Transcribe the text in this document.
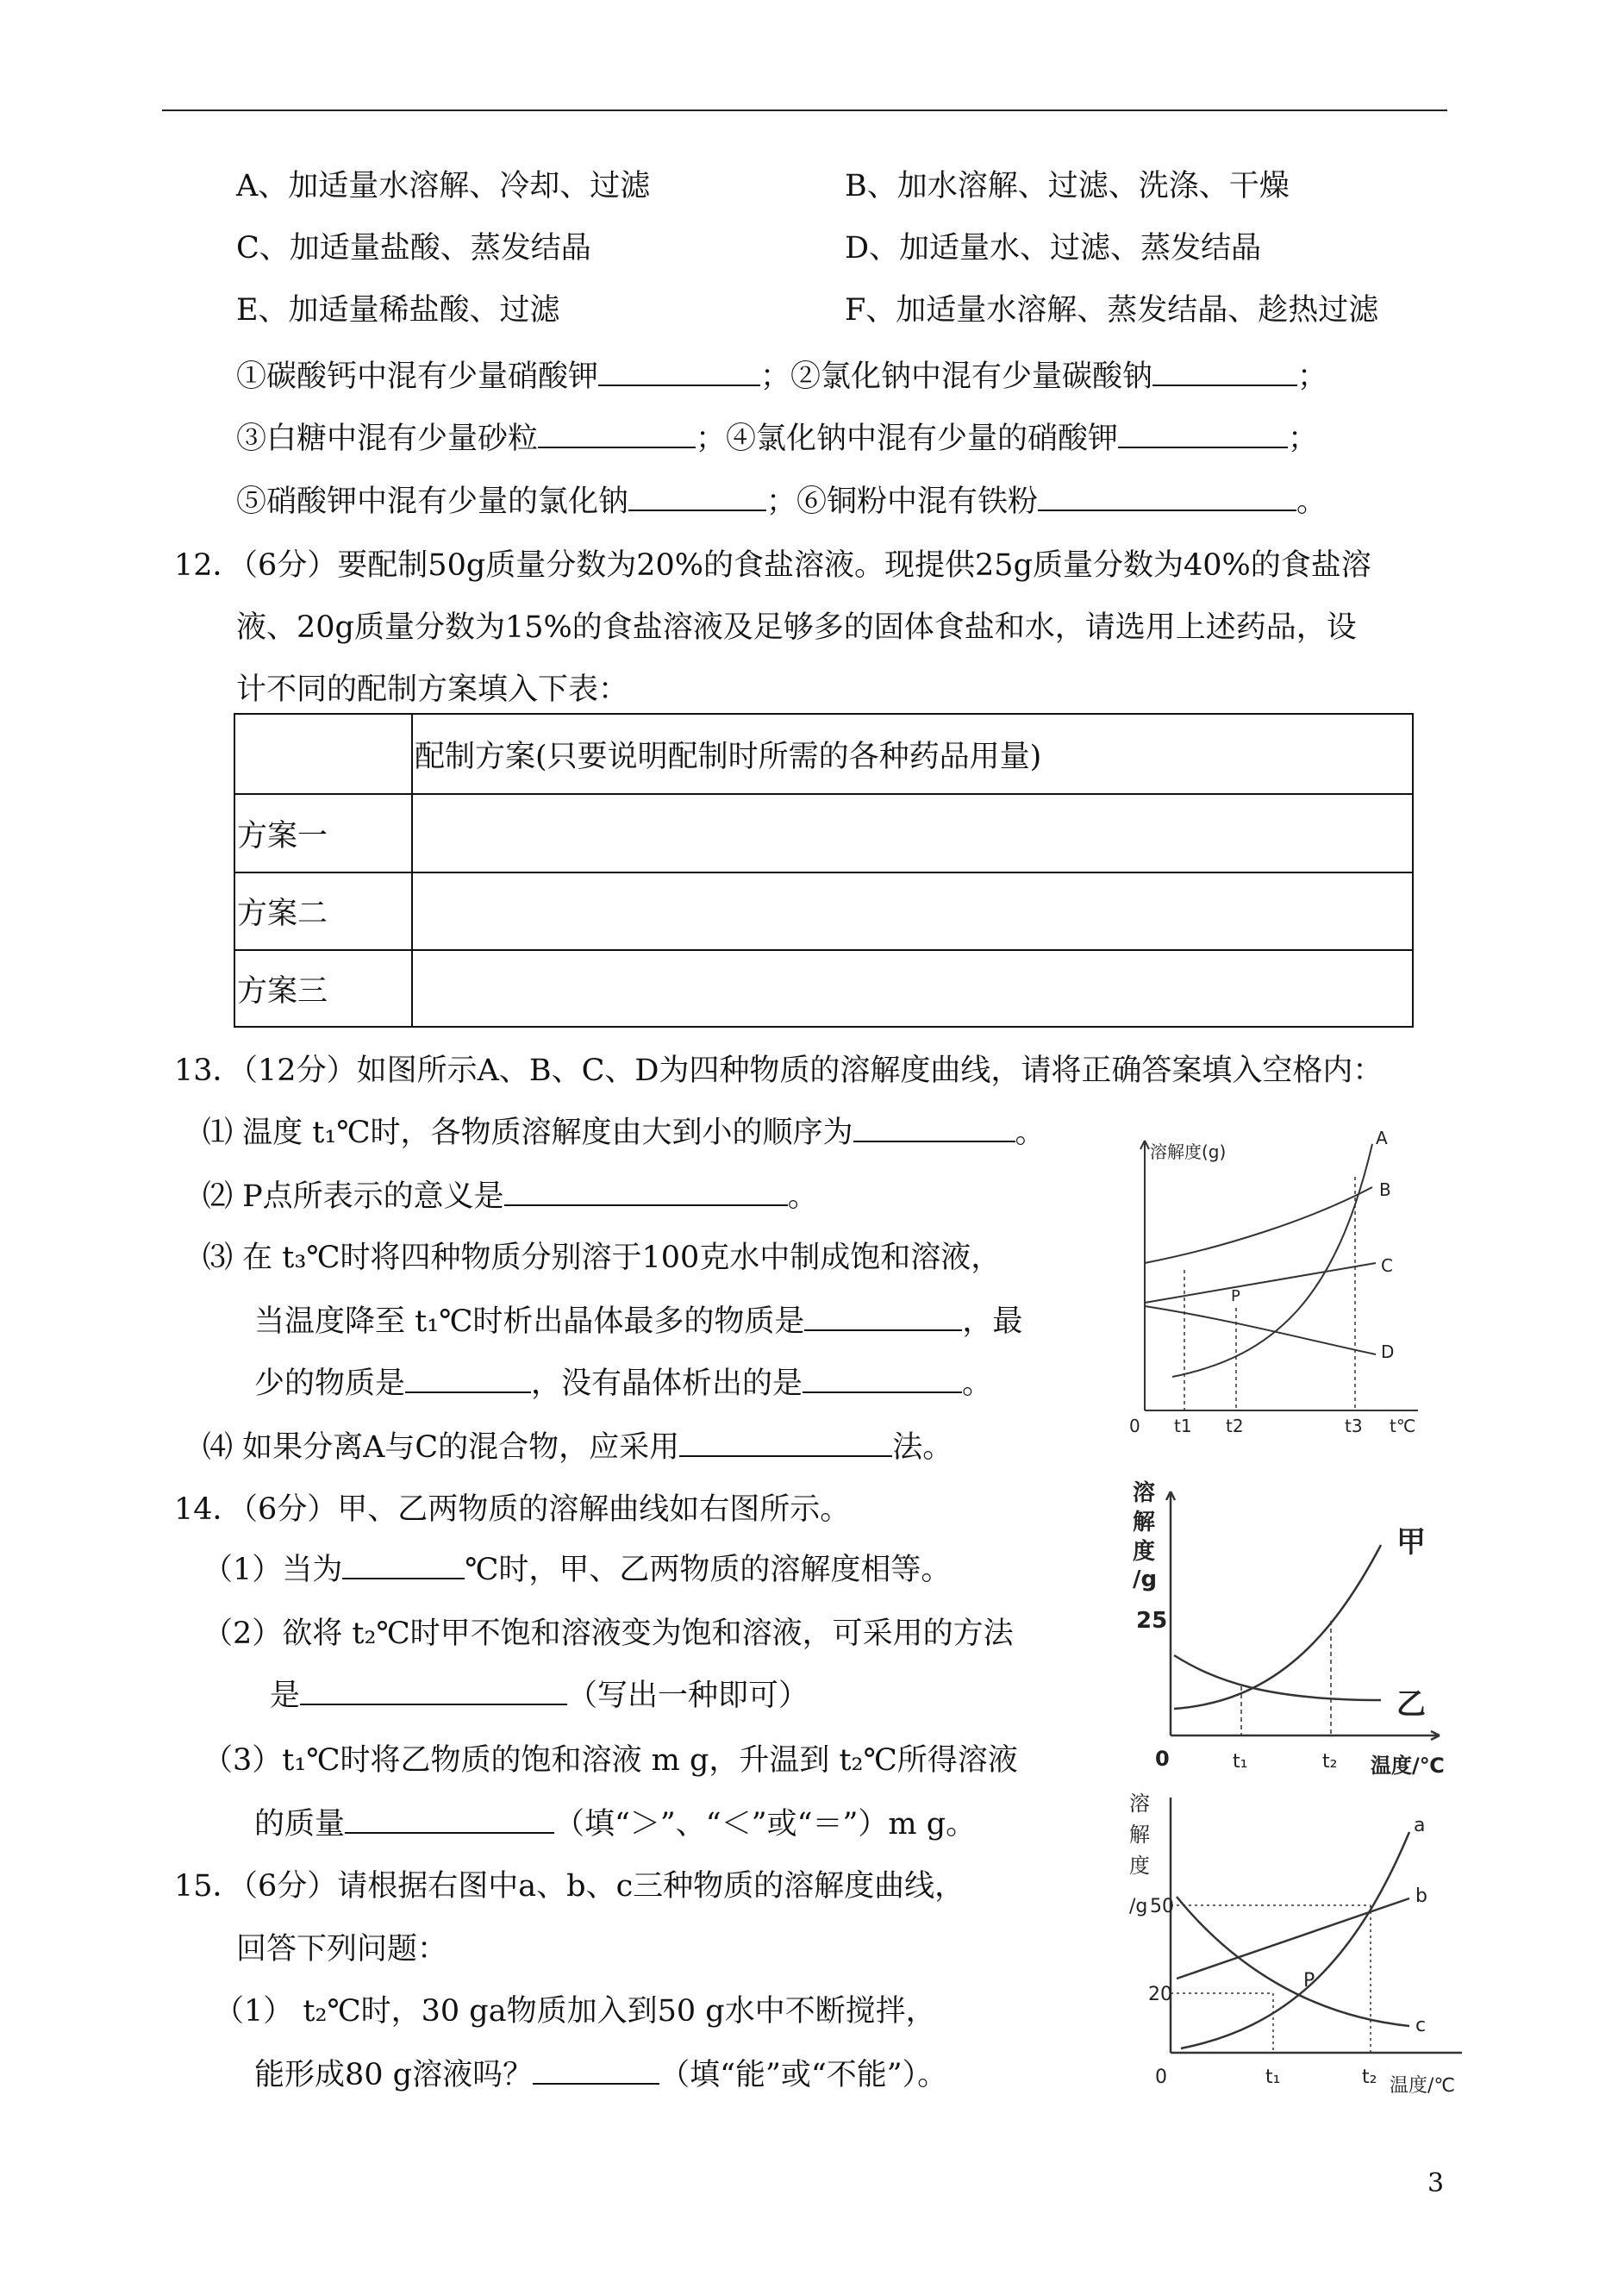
A、加适量水溶解、冷却、过滤	B、加水溶解、过滤、洗涤、干燥
C、加适量盐酸、蒸发结晶	D、加适量水、过滤、蒸发结晶
E、加适量稀盐酸、过滤	F、加适量水溶解、蒸发结晶、趁热过滤
①碳酸钙中混有少量硝酸钾	；②氯化钠中混有少量碳酸钠	；
③白糖中混有少量砂粒	；④氯化钠中混有少量的硝酸钾	；
⑤硝酸钾中混有少量的氯化钠	；⑥铜粉中混有铁粉	。
12．（6分）要配制50g质量分数为20%的食盐溶液。现提供25g质量分数为40%的食盐溶
液、20g质量分数为15%的食盐溶液及足够多的固体食盐和水，请选用上述药品，设
计不同的配制方案填入下表：
	配制方案(只要说明配制时所需的各种药品用量)
方案一	
方案二	
方案三	
13．（12分）如图所示A、B、C、D为四种物质的溶解度曲线，请将正确答案填入空格内：
⑴ 温度 t₁℃时，各物质溶解度由大到小的顺序为	。
⑵ P点所表示的意义是	。
⑶ 在 t₃℃时将四种物质分别溶于100克水中制成饱和溶液，
当温度降至 t₁℃时析出晶体最多的物质是	，最
少的物质是	，没有晶体析出的是	。
⑷ 如果分离A与C的混合物，应采用	法。
溶解度(g)
A
B
C
D
P
0 t1 t2	t3 t℃
14．（6分）甲、乙两物质的溶解曲线如右图所示。
（1）当为	℃时，甲、乙两物质的溶解度相等。
（2）欲将 t₂℃时甲不饱和溶液变为饱和溶液，可采用的方法
是	（写出一种即可）
（3）t₁℃时将乙物质的饱和溶液 m g，升温到 t₂℃所得溶液
的质量	（填“＞”、“＜”或“＝”）m g。
溶
解
度
/g
25
甲
乙
0	t₁	t₂ 温度/℃
15．（6分）请根据右图中a、b、c三种物质的溶解度曲线，
回答下列问题：
（1） t₂℃时，30 ga物质加入到50 g水中不断搅拌，
能形成80 g溶液吗？	（填“能”或“不能”）。
溶
解
度
/g 50
20
0	t₁	t₂ 温度/℃
a
b
c
P
3
